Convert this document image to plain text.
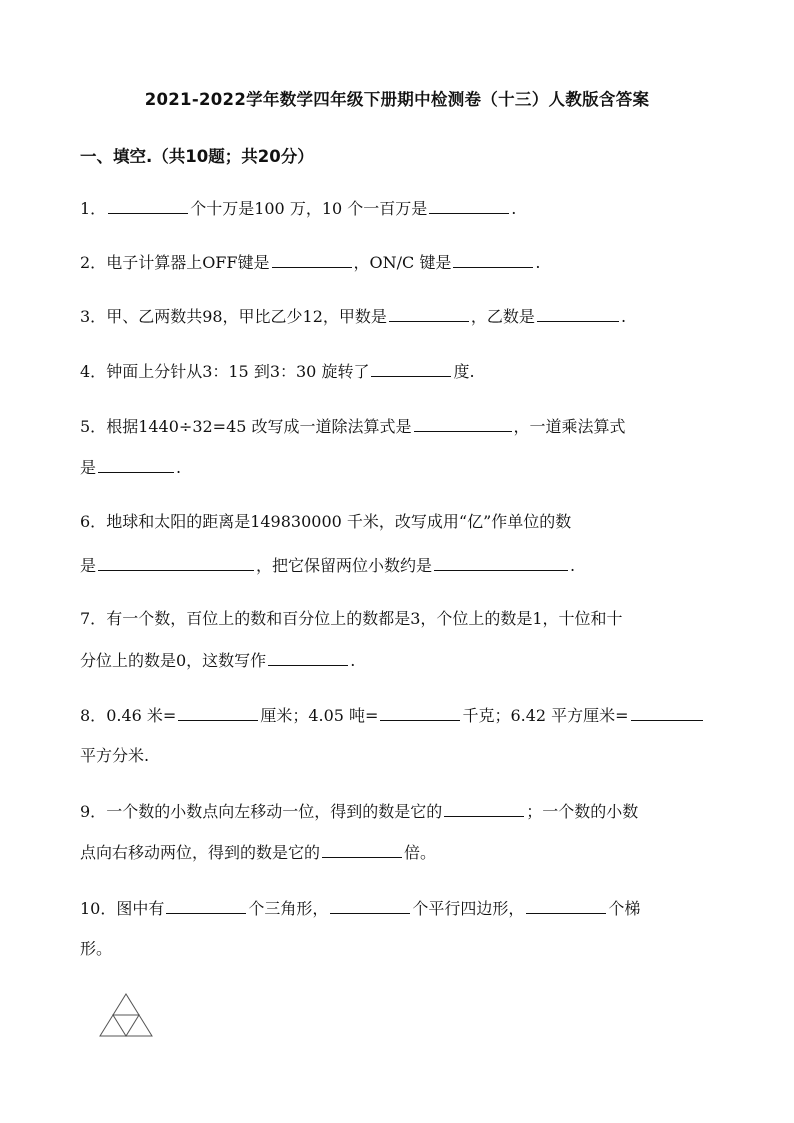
2021-2022学年数学四年级下册期中检测卷（十三）人教版含答案
一、填空.（共10题；共20分）
1．	个十万是100 万，10 个一百万是	.
2．电子计算器上OFF键是	，ON/C 键是	.
3．甲、乙两数共98，甲比乙少12，甲数是	，乙数是	.
4．钟面上分针从3：15 到3：30 旋转了	度.
5．根据1440÷32=45 改写成一道除法算式是	，一道乘法算式
是	.
6．地球和太阳的距离是149830000 千米，改写成用“亿”作单位的数
是	，把它保留两位小数约是	.
7．有一个数，百位上的数和百分位上的数都是3，个位上的数是1，十位和十
分位上的数是0，这数写作	.
8．0.46 米=	厘米；4.05 吨=	千克；6.42 平方厘米=
平方分米.
9．一个数的小数点向左移动一位，得到的数是它的	；一个数的小数
点向右移动两位，得到的数是它的	倍。
10．图中有	个三角形，	个平行四边形，	个梯
形。
